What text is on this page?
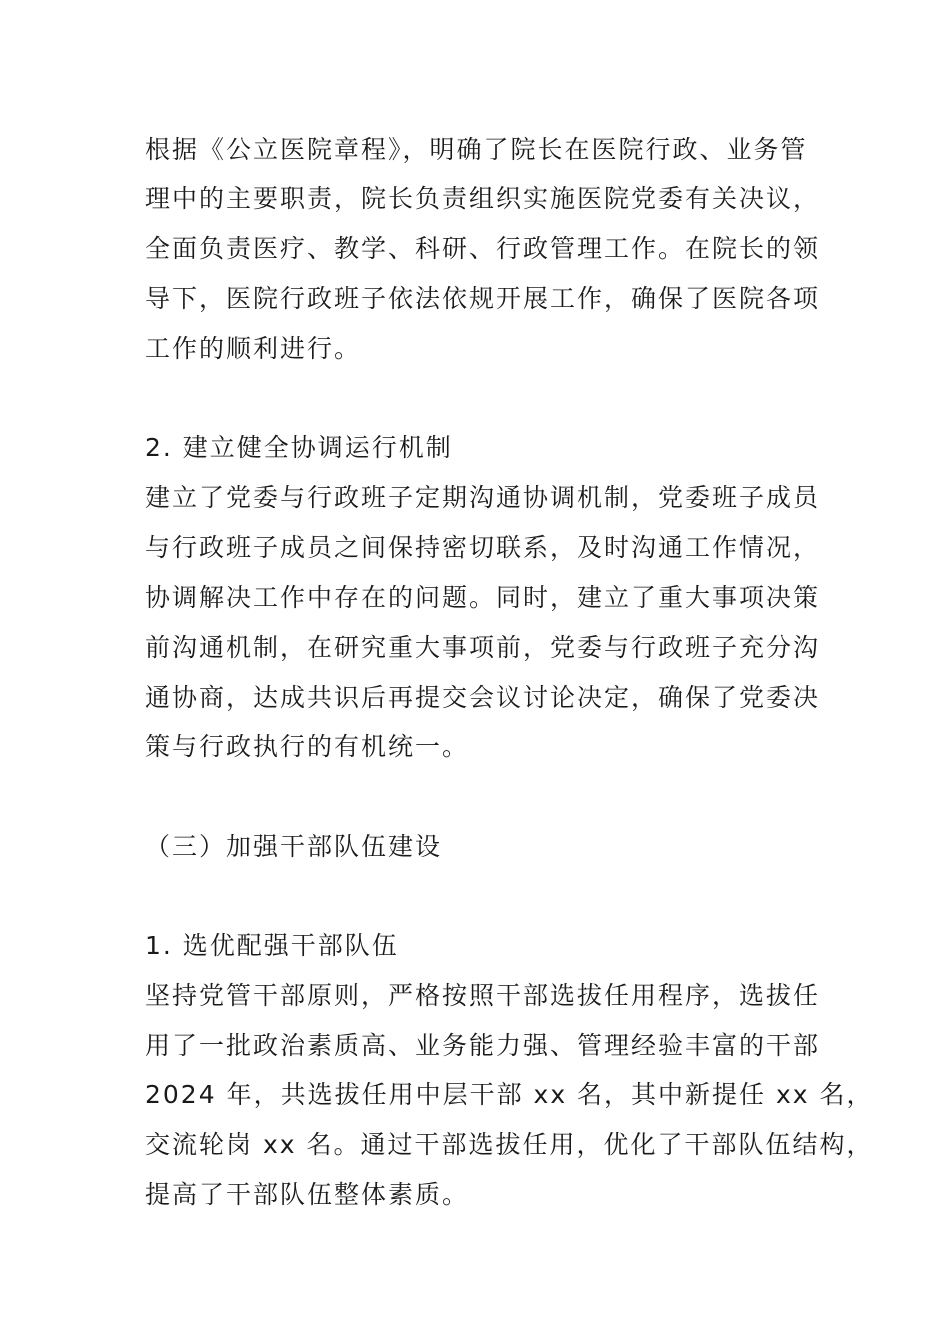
根据《公立医院章程》，明确了院长在医院行政、业务管
理中的主要职责，院长负责组织实施医院党委有关决议，
全面负责医疗、教学、科研、行政管理工作。在院长的领
导下，医院行政班子依法依规开展工作，确保了医院各项
工作的顺利进行。
2. 建立健全协调运行机制
建立了党委与行政班子定期沟通协调机制，党委班子成员
与行政班子成员之间保持密切联系，及时沟通工作情况，
协调解决工作中存在的问题。同时，建立了重大事项决策
前沟通机制，在研究重大事项前，党委与行政班子充分沟
通协商，达成共识后再提交会议讨论决定，确保了党委决
策与行政执行的有机统一。
（三）加强干部队伍建设
1. 选优配强干部队伍
坚持党管干部原则，严格按照干部选拔任用程序，选拔任
用了一批政治素质高、业务能力强、管理经验丰富的干部
2024 年，共选拔任用中层干部 xx 名，其中新提任 xx 名，
交流轮岗 xx 名。通过干部选拔任用，优化了干部队伍结构，
提高了干部队伍整体素质。
